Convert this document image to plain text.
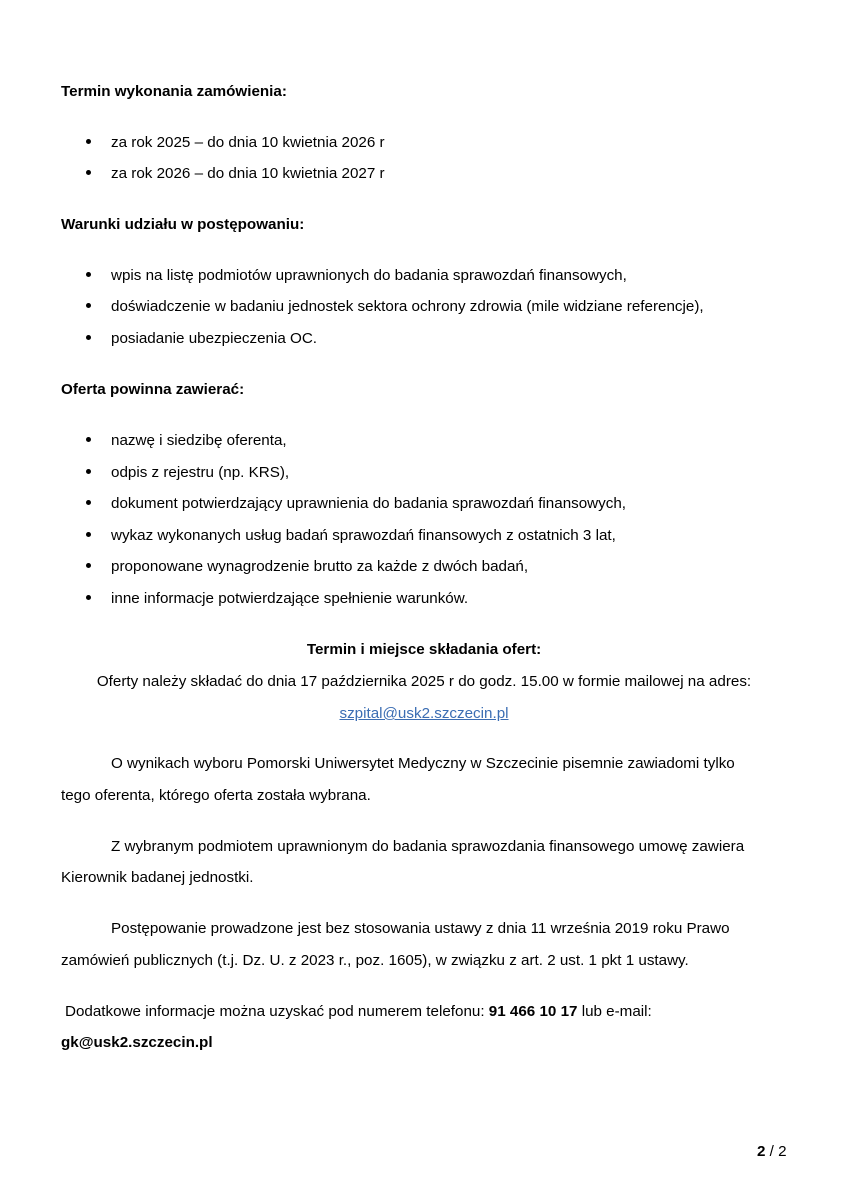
Termin wykonania zamówienia:
za rok 2025 – do dnia 10 kwietnia 2026 r
za rok 2026 – do dnia 10 kwietnia 2027 r
Warunki udziału w postępowaniu:
wpis na listę podmiotów uprawnionych do badania sprawozdań finansowych,
doświadczenie w badaniu jednostek sektora ochrony zdrowia (mile widziane referencje),
posiadanie ubezpieczenia OC.
Oferta powinna zawierać:
nazwę i siedzibę oferenta,
odpis z rejestru (np. KRS),
dokument potwierdzający uprawnienia do badania sprawozdań finansowych,
wykaz wykonanych usług badań sprawozdań finansowych z ostatnich 3 lat,
proponowane wynagrodzenie brutto za każde z dwóch badań,
inne informacje potwierdzające spełnienie warunków.
Termin i miejsce składania ofert:
Oferty należy składać do dnia 17 października 2025 r do godz. 15.00 w formie mailowej na adres:
szpital@usk2.szczecin.pl
O wynikach wyboru Pomorski Uniwersytet Medyczny w Szczecinie pisemnie zawiadomi tylko
tego oferenta, którego oferta została wybrana.
Z wybranym podmiotem uprawnionym do badania sprawozdania finansowego umowę zawiera
Kierownik badanej jednostki.
Postępowanie prowadzone jest bez stosowania ustawy z dnia 11 września 2019 roku Prawo
zamówień publicznych (t.j. Dz. U. z 2023 r., poz. 1605), w związku z art. 2 ust. 1 pkt 1 ustawy.
Dodatkowe informacje można uzyskać pod numerem telefonu: 91 466 10 17 lub e-mail:
gk@usk2.szczecin.pl
2 / 2
